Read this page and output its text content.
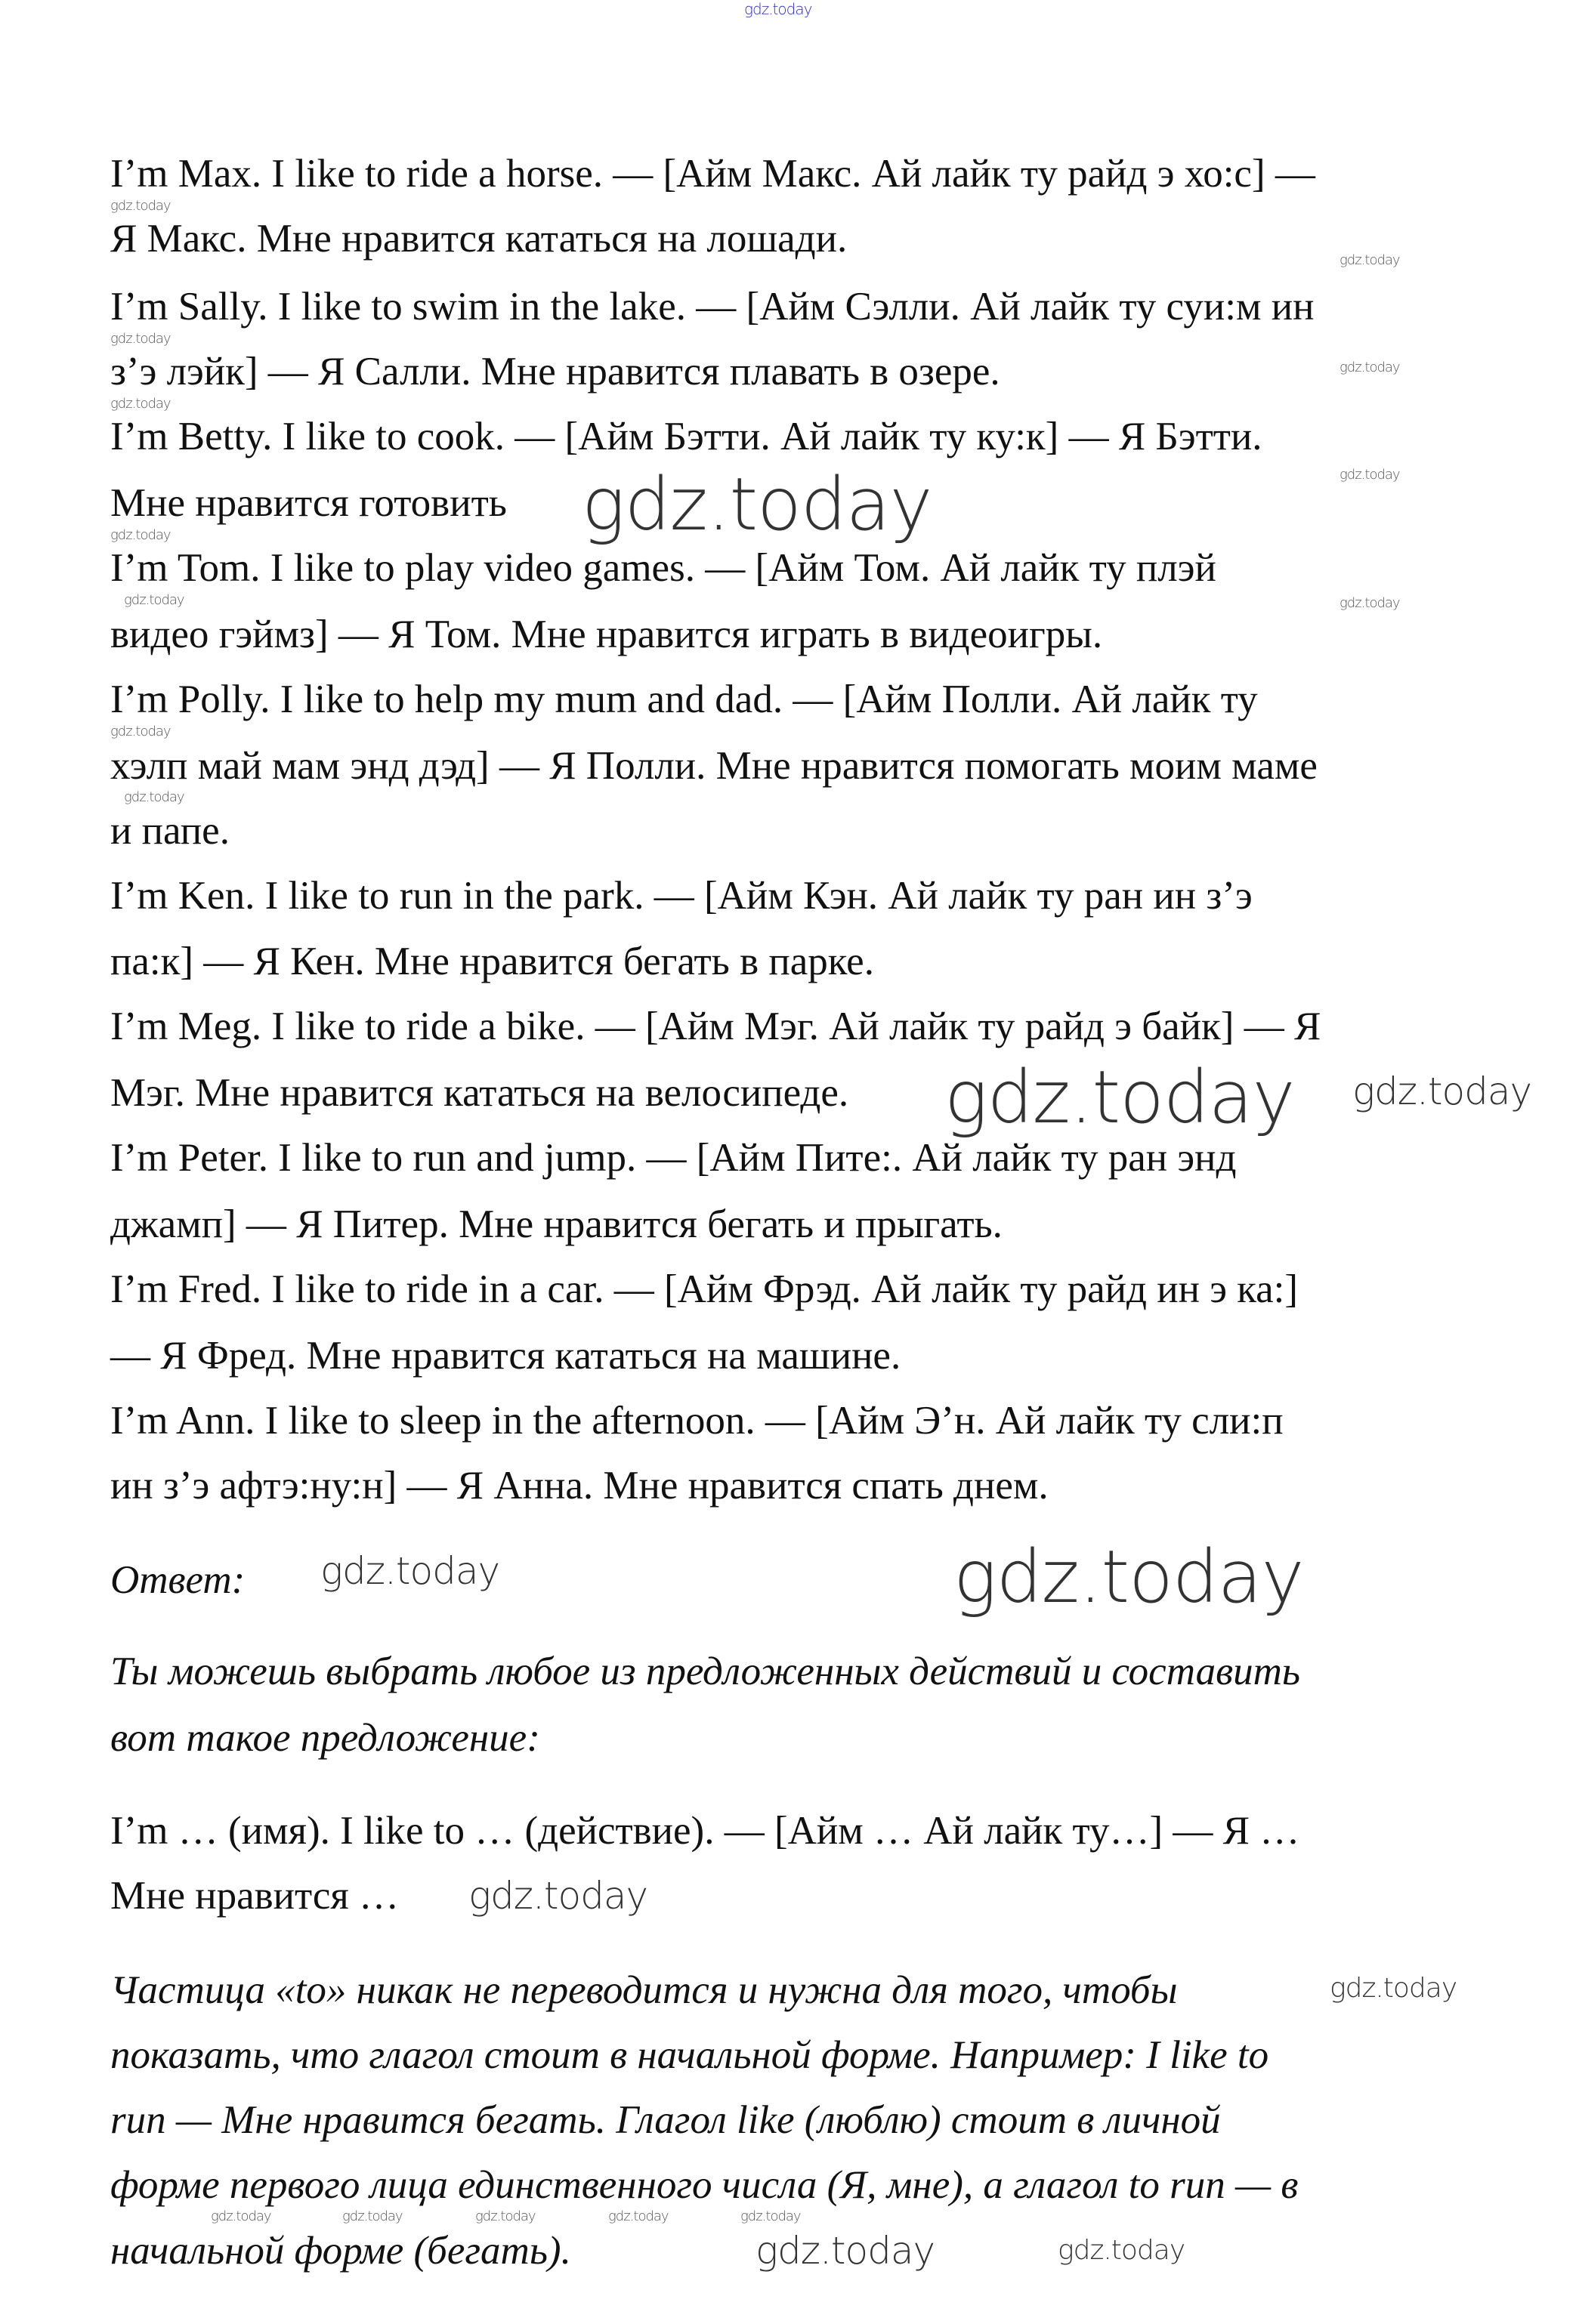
I’m Max. I like to ride a horse. — [Айм Макс. Ай лайк ту райд э хо:с] —
Я Макс. Мне нравится кататься на лошади.
I’m Sally. I like to swim in the lake. — [Айм Сэлли. Ай лайк ту суи:м ин
з’э лэйк] — Я Салли. Мне нравится плавать в озере.
I’m Betty. I like to cook. — [Айм Бэтти. Ай лайк ту ку:к] — Я Бэтти.
Мне нравится готовить
I’m Tom. I like to play video games. — [Айм Том. Ай лайк ту плэй
видео гэймз] — Я Том. Мне нравится играть в видеоигры.
I’m Polly. I like to help my mum and dad. — [Айм Полли. Ай лайк ту
хэлп май мам энд дэд] — Я Полли. Мне нравится помогать моим маме
и папе.
I’m Ken. I like to run in the park. — [Айм Кэн. Ай лайк ту ран ин з’э
па:к] — Я Кен. Мне нравится бегать в парке.
I’m Meg. I like to ride a bike. — [Айм Мэг. Ай лайк ту райд э байк] — Я
Мэг. Мне нравится кататься на велосипеде.
I’m Peter. I like to run and jump. — [Айм Питe:. Ай лайк ту ран энд
джамп] — Я Питер. Мне нравится бегать и прыгать.
I’m Fred. I like to ride in a car. — [Айм Фрэд. Ай лайк ту райд ин э ка:]
— Я Фред. Мне нравится кататься на машине.
I’m Ann. I like to sleep in the afternoon. — [Айм Э’н. Ай лайк ту сли:п
ин з’э афтэ:ну:н] — Я Анна. Мне нравится спать днем.
Ответ:
Ты можешь выбрать любое из предложенных действий и составить
вот такое предложение:
I’m … (имя). I like to … (действие). — [Айм … Ай лайк ту…] — Я …
Мне нравится …
Частица «to» никак не переводится и нужна для того, чтобы
показать, что глагол стоит в начальной форме. Например: I like to
run — Мне нравится бегать. Глагол like (люблю) стоит в личной
форме первого лица единственного числа (Я, мне), а глагол to run — в
начальной форме (бегать).
gdz.today
gdz.today
gdz.today
gdz.today
gdz.today
gdz.today
gdz.today
gdz.today
gdz.today
gdz.today
gdz.today
gdz.today
gdz.today
gdz.today
gdz.today
gdz.today	gdz.today
gdz.today
gdz.today
gdz.today	gdz.today
gdz.today	gdz.today	gdz.today	gdz.today	gdz.today
